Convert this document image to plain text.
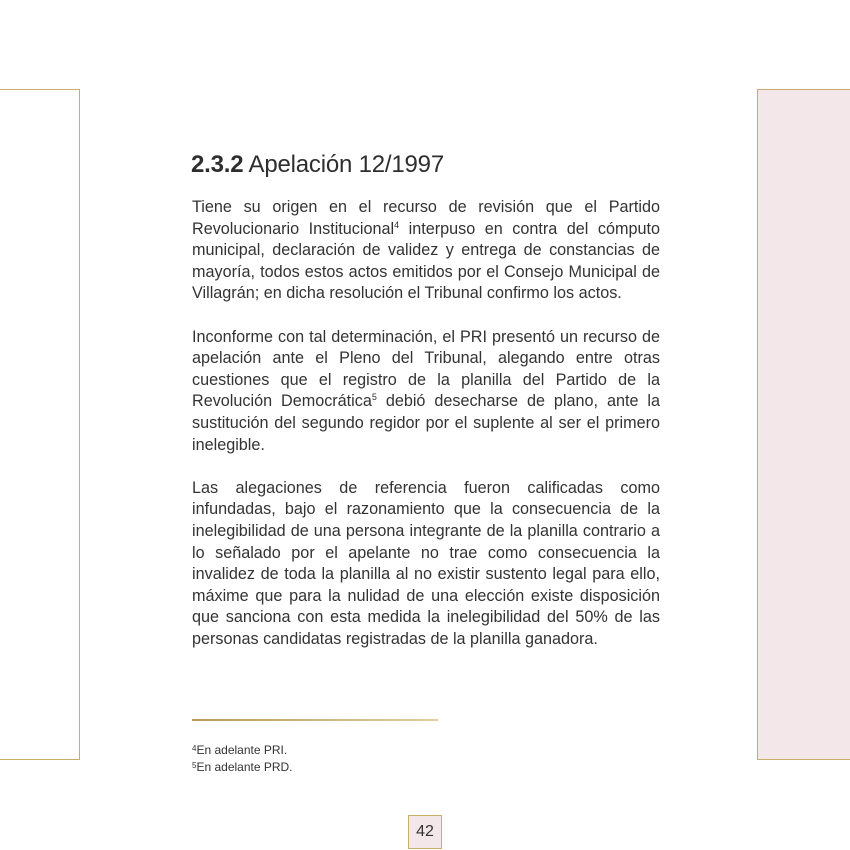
2.3.2 Apelación 12/1997

Tiene su origen en el recurso de revisión que el Partido Revolucionario Institucional$^4$ interpuso en contra del cómputo municipal, declaración de validez y entrega de constancias de mayoría, todos estos actos emitidos por el Consejo Municipal de Villagrán; en dicha resolución el Tribunal confirmo los actos.

Inconforme con tal determinación, el PRI presentó un recurso de apelación ante el Pleno del Tribunal, alegando entre otras cuestiones que el registro de la planilla del Partido de la Revolución Democrática$^5$ debió desecharse de plano, ante la sustitución del segundo regidor por el suplente al ser el primero inelegible.

Las alegaciones de referencia fueron calificadas como infundadas, bajo el razonamiento que la consecuencia de la inelegibilidad de una persona integrante de la planilla contrario a lo señalado por el apelante no trae como consecuencia la invalidez de toda la planilla al no existir sustento legal para ello, máxime que para la nulidad de una elección existe disposición que sanciona con esta medida la inelegibilidad del 50% de las personas candidatas registradas de la planilla ganadora.

$^4$En adelante PRI.
$^5$En adelante PRD.
42
